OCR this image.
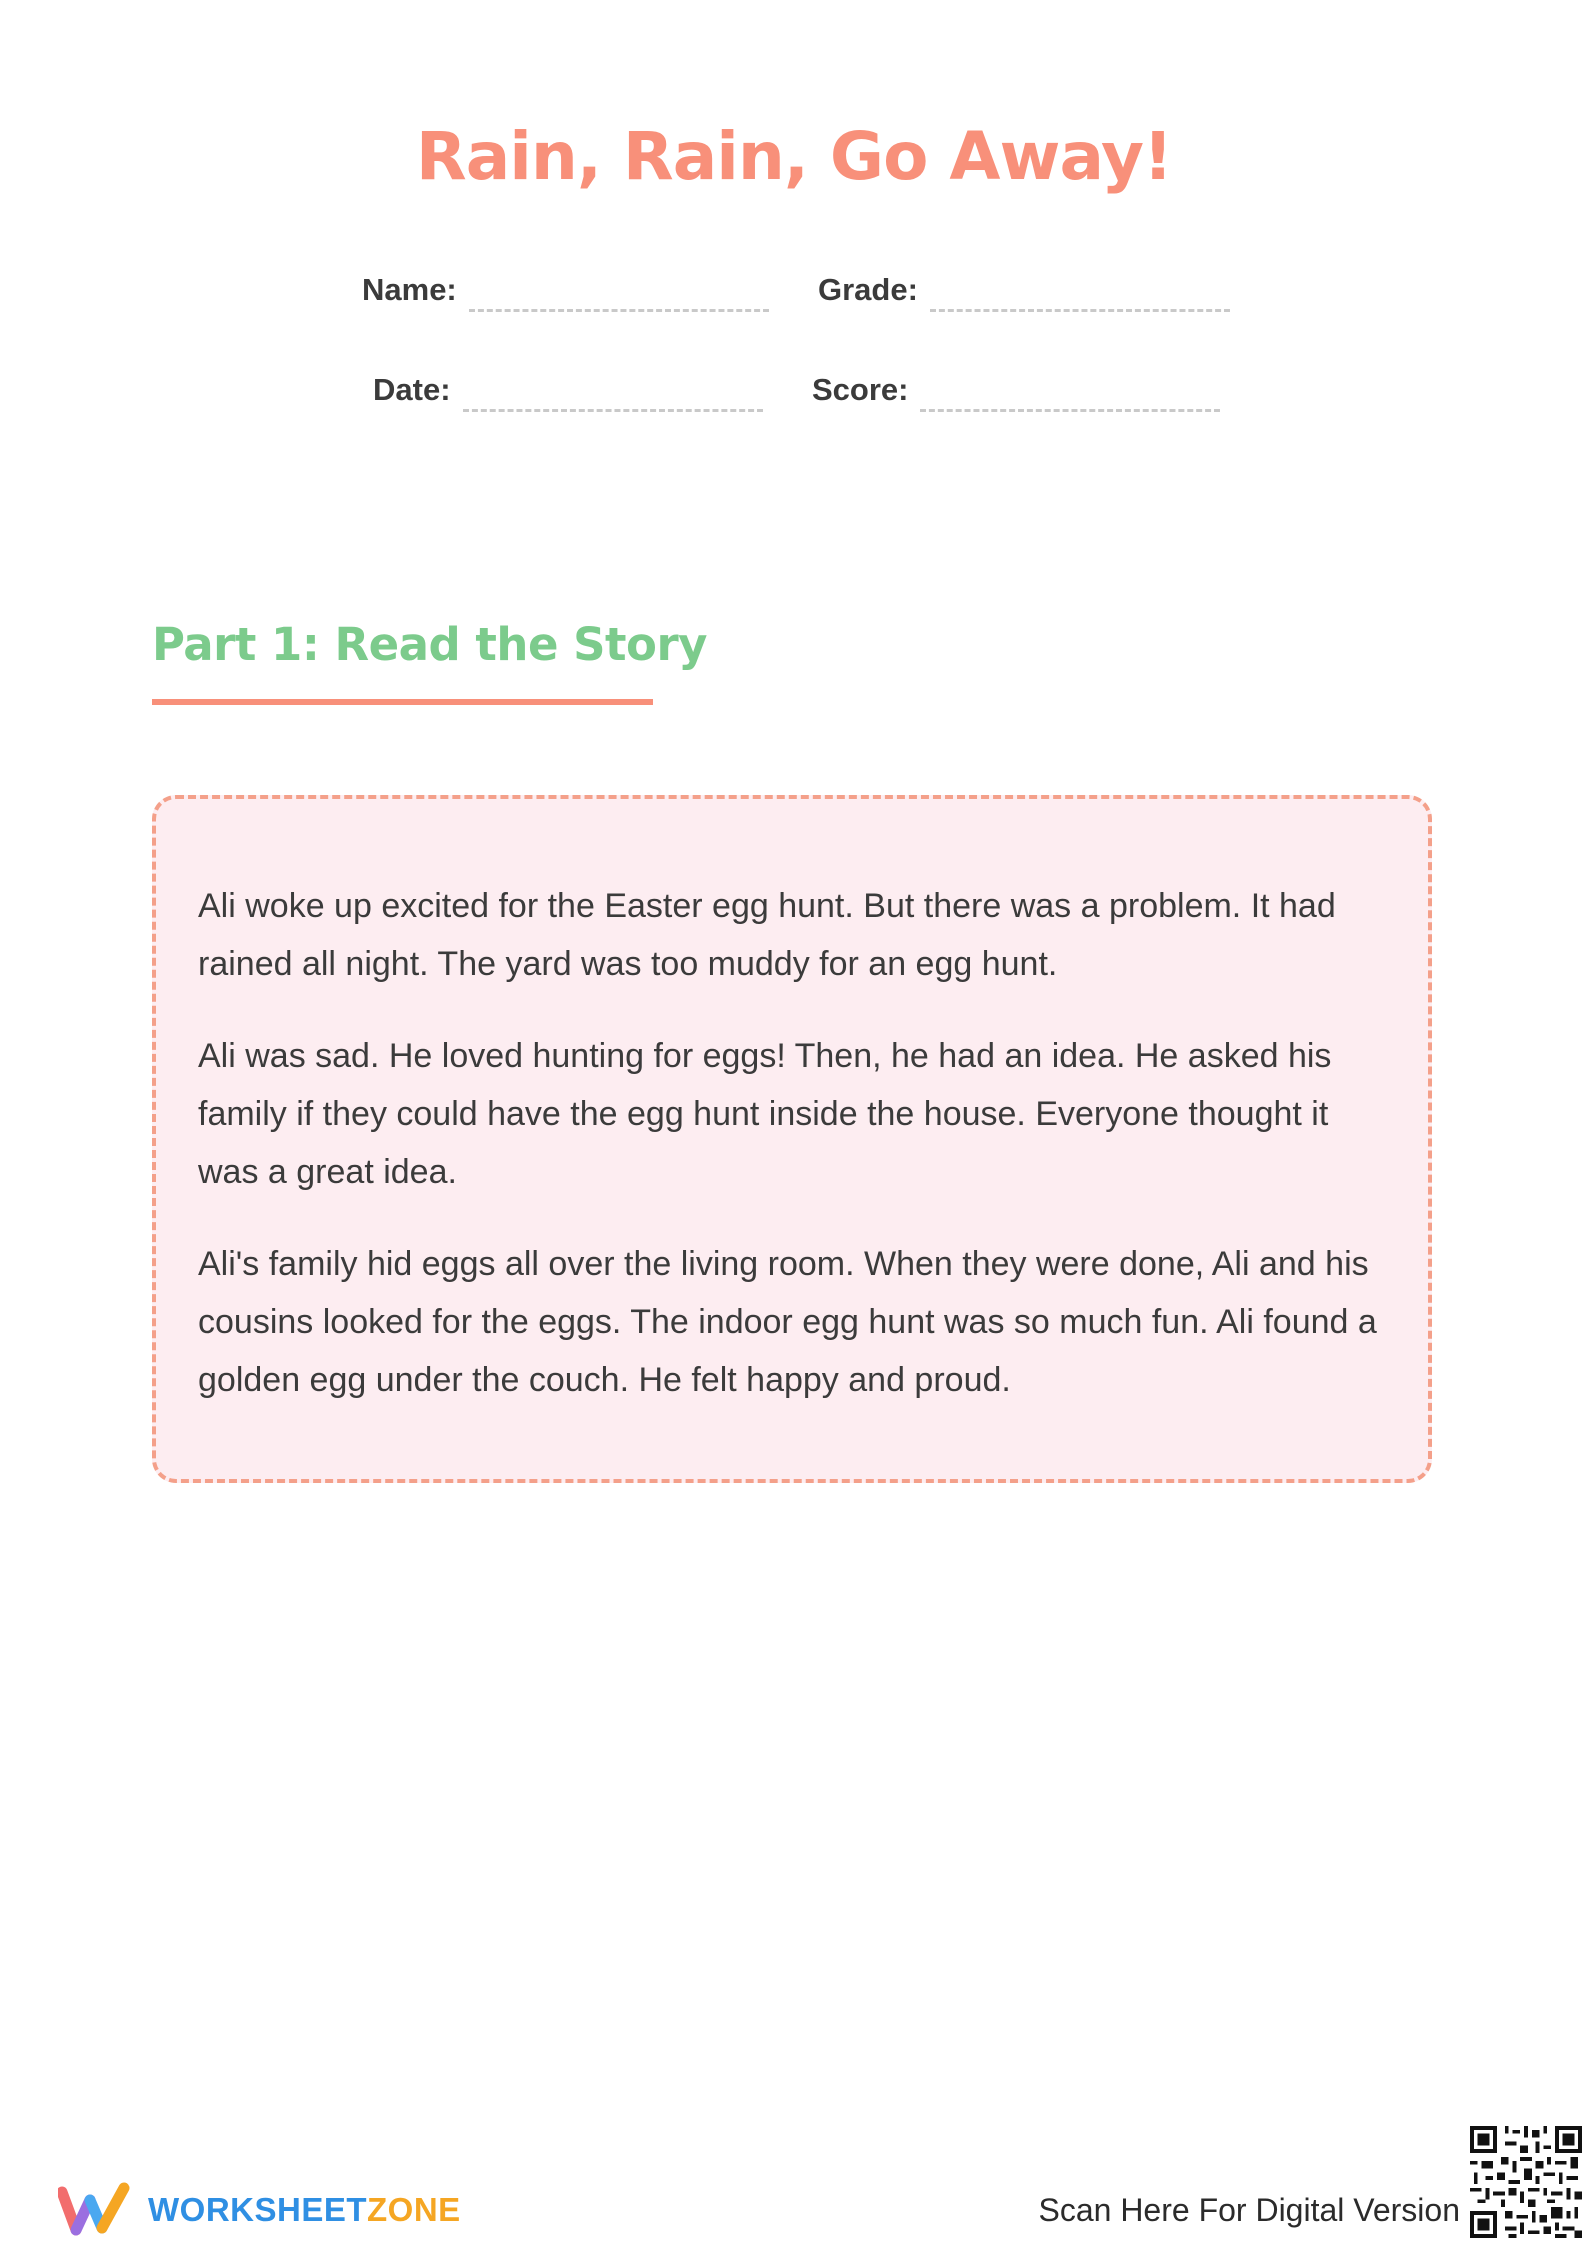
Rain, Rain, Go Away!
Name:	Grade:
Date:	Score:
Part 1: Read the Story

Ali woke up excited for the Easter egg hunt. But there was a problem. It had rained all night. The yard was too muddy for an egg hunt.

Ali was sad. He loved hunting for eggs! Then, he had an idea. He asked his family if they could have the egg hunt inside the house. Everyone thought it was a great idea.

Ali's family hid eggs all over the living room. When they were done, Ali and his cousins looked for the eggs. The indoor egg hunt was so much fun. Ali found a golden egg under the couch. He felt happy and proud.

WORKSHEETZONE	Scan Here For Digital Version
